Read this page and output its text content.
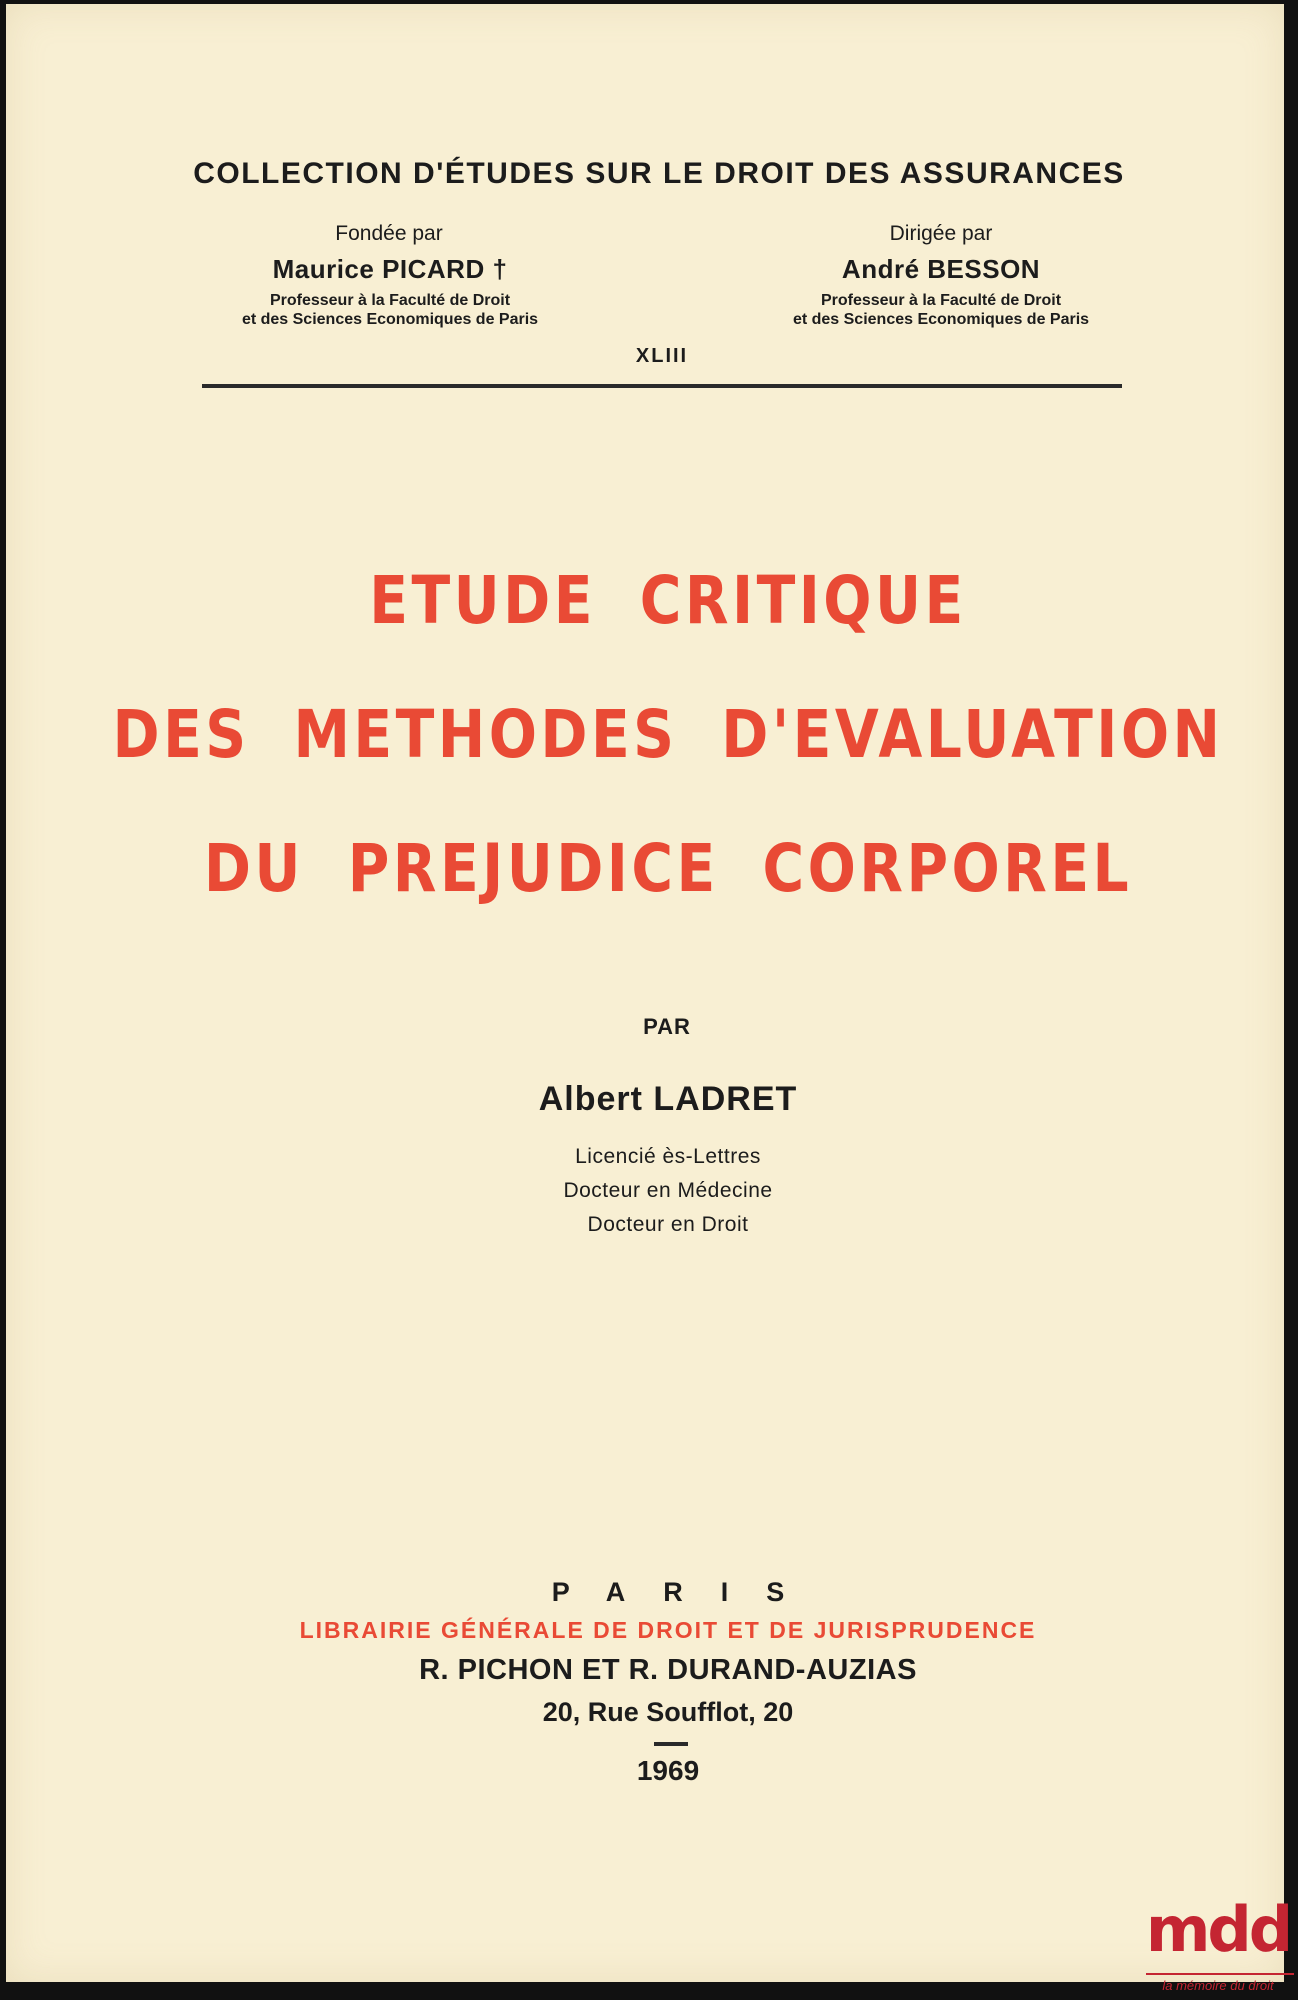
COLLECTION D'ÉTUDES SUR LE DROIT DES ASSURANCES
Fondée par
Maurice PICARD †
Professeur à la Faculté de Droit
et des Sciences Economiques de Paris
Dirigée par
André BESSON
Professeur à la Faculté de Droit
et des Sciences Economiques de Paris
XLIII
ETUDE CRITIQUE
DES METHODES D'EVALUATION
DU PREJUDICE CORPOREL
PAR
Albert LADRET
Licencié ès-Lettres
Docteur en Médecine
Docteur en Droit
PARIS
LIBRAIRIE GÉNÉRALE DE DROIT ET DE JURISPRUDENCE
R. PICHON ET R. DURAND-AUZIAS
20, Rue Soufflot, 20
1969
mdd
la mémoire du droit
